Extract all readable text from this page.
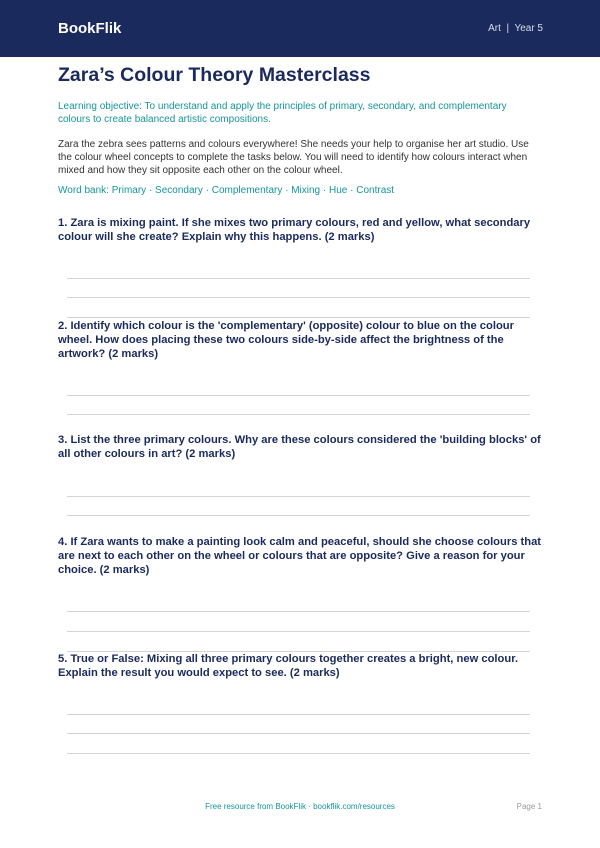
BookFlik	Art  |  Year 5
Zara’s Colour Theory Masterclass
Learning objective: To understand and apply the principles of primary, secondary, and complementary colours to create balanced artistic compositions.
Zara the zebra sees patterns and colours everywhere! She needs your help to organise her art studio. Use the colour wheel concepts to complete the tasks below. You will need to identify how colours interact when mixed and how they sit opposite each other on the colour wheel.
Word bank: Primary · Secondary · Complementary · Mixing · Hue · Contrast
1. Zara is mixing paint. If she mixes two primary colours, red and yellow, what secondary colour will she create? Explain why this happens. (2 marks)
2. Identify which colour is the 'complementary' (opposite) colour to blue on the colour wheel. How does placing these two colours side-by-side affect the brightness of the artwork? (2 marks)
3. List the three primary colours. Why are these colours considered the 'building blocks' of all other colours in art? (2 marks)
4. If Zara wants to make a painting look calm and peaceful, should she choose colours that are next to each other on the wheel or colours that are opposite? Give a reason for your choice. (2 marks)
5. True or False: Mixing all three primary colours together creates a bright, new colour. Explain the result you would expect to see. (2 marks)
Free resource from BookFlik · bookflik.com/resources	Page 1
